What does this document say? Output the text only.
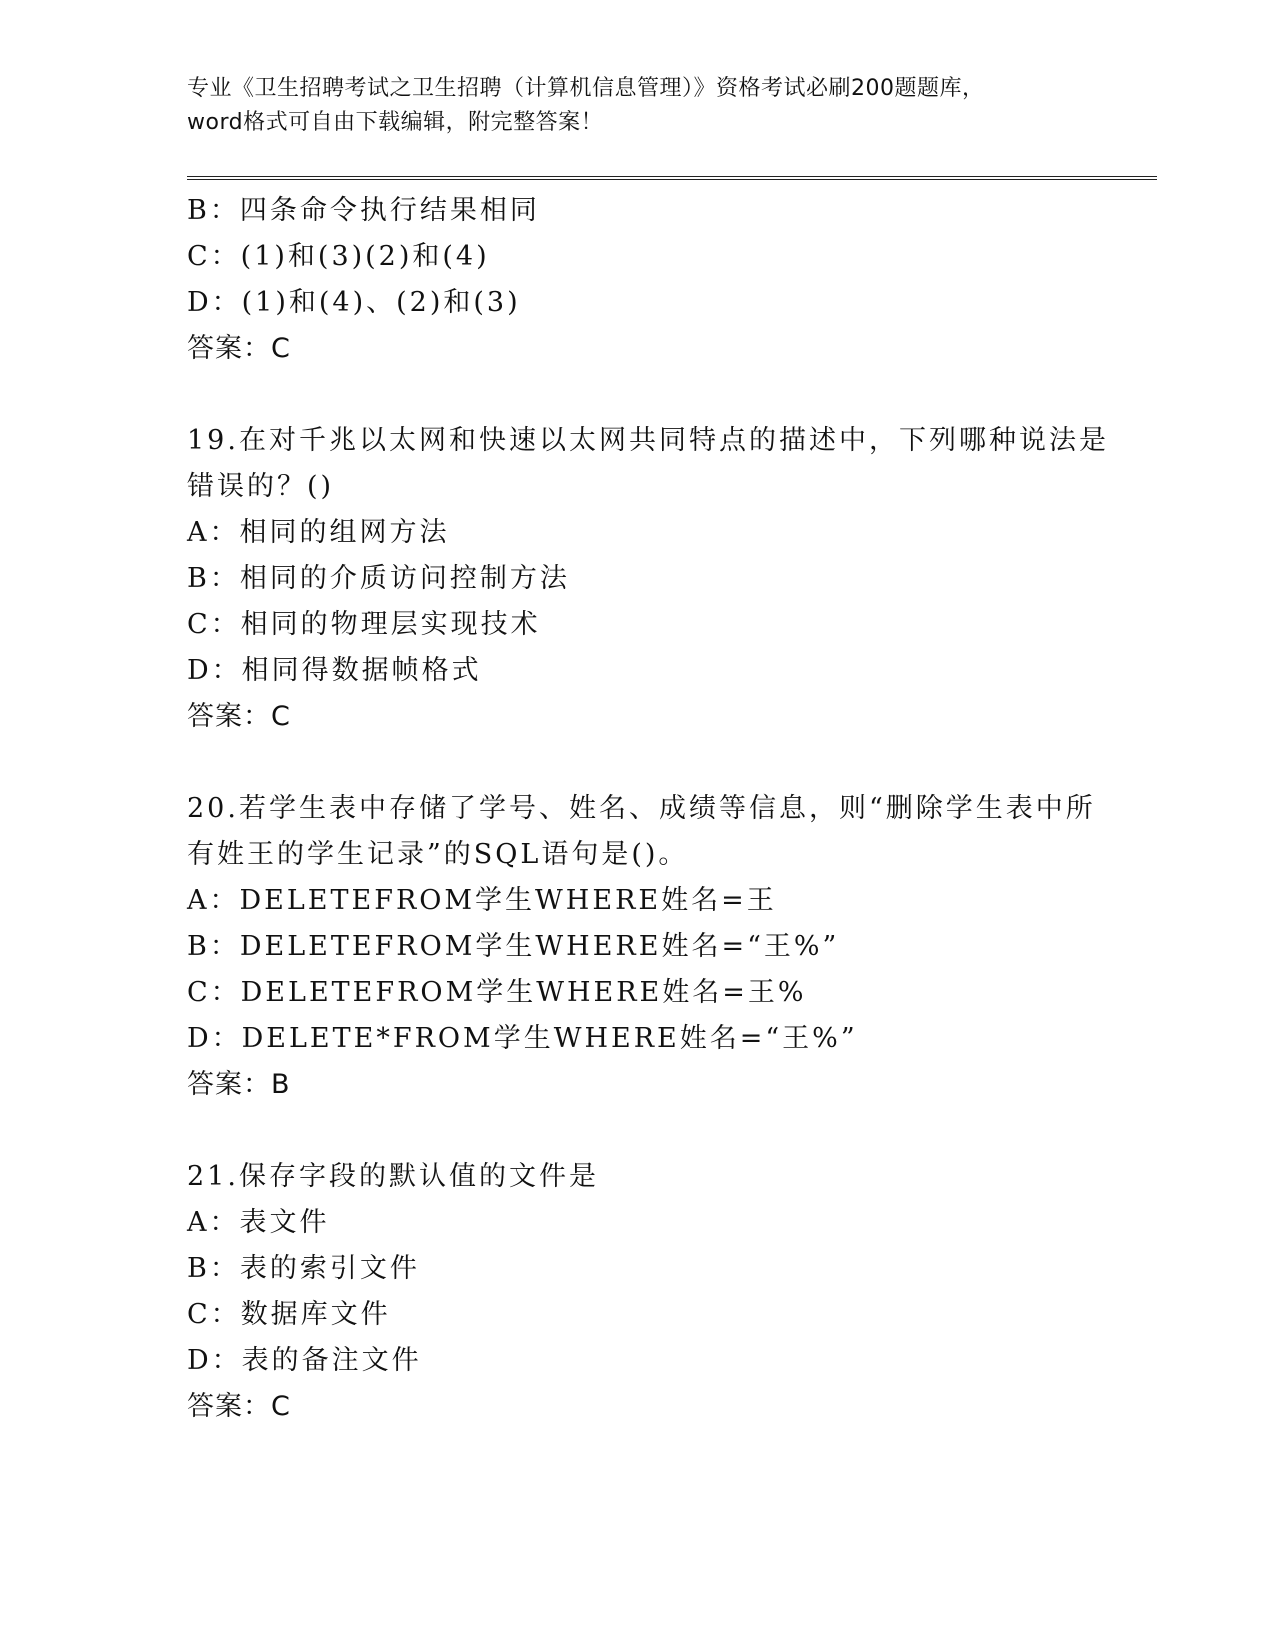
专业《卫生招聘考试之卫生招聘（计算机信息管理）》资格考试必刷200题题库，
word格式可自由下载编辑，附完整答案！
B：四条命令执行结果相同
C：(1)和(3)(2)和(4)
D：(1)和(4)、(2)和(3)
答案：C
19.在对千兆以太网和快速以太网共同特点的描述中，下列哪种说法是
错误的？()
A：相同的组网方法
B：相同的介质访问控制方法
C：相同的物理层实现技术
D：相同得数据帧格式
答案：C
20.若学生表中存储了学号、姓名、成绩等信息，则“删除学生表中所
有姓王的学生记录”的SQL语句是()。
A：DELETEFROM学生WHERE姓名=王
B：DELETEFROM学生WHERE姓名=“王%”
C：DELETEFROM学生WHERE姓名=王%
D：DELETE*FROM学生WHERE姓名=“王%”
答案：B
21.保存字段的默认值的文件是
A：表文件
B：表的索引文件
C：数据库文件
D：表的备注文件
答案：C
